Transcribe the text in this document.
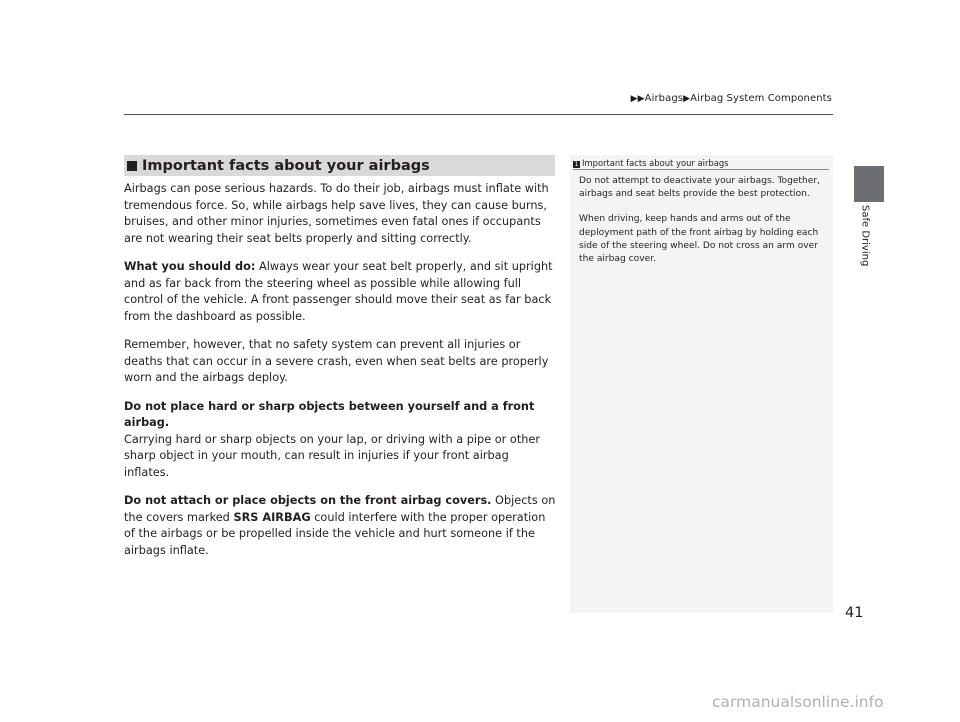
▶▶Airbags▶Airbag System Components
Safe Driving
Important facts about your airbags

Airbags can pose serious hazards. To do their job, airbags must inflate with tremendous force. So, while airbags help save lives, they can cause burns, bruises, and other minor injuries, sometimes even fatal ones if occupants are not wearing their seat belts properly and sitting correctly.

What you should do: Always wear your seat belt properly, and sit upright and as far back from the steering wheel as possible while allowing full control of the vehicle. A front passenger should move their seat as far back from the dashboard as possible.

Remember, however, that no safety system can prevent all injuries or deaths that can occur in a severe crash, even when seat belts are properly worn and the airbags deploy.

Do not place hard or sharp objects between yourself and a front airbag.
Carrying hard or sharp objects on your lap, or driving with a pipe or other sharp object in your mouth, can result in injuries if your front airbag inflates.

Do not attach or place objects on the front airbag covers. Objects on the covers marked SRS AIRBAG could interfere with the proper operation of the airbags or be propelled inside the vehicle and hurt someone if the airbags inflate.

1 Important facts about your airbags

Do not attempt to deactivate your airbags. Together, airbags and seat belts provide the best protection.

When driving, keep hands and arms out of the deployment path of the front airbag by holding each side of the steering wheel. Do not cross an arm over the airbag cover.

41
carmanualsonline.info
